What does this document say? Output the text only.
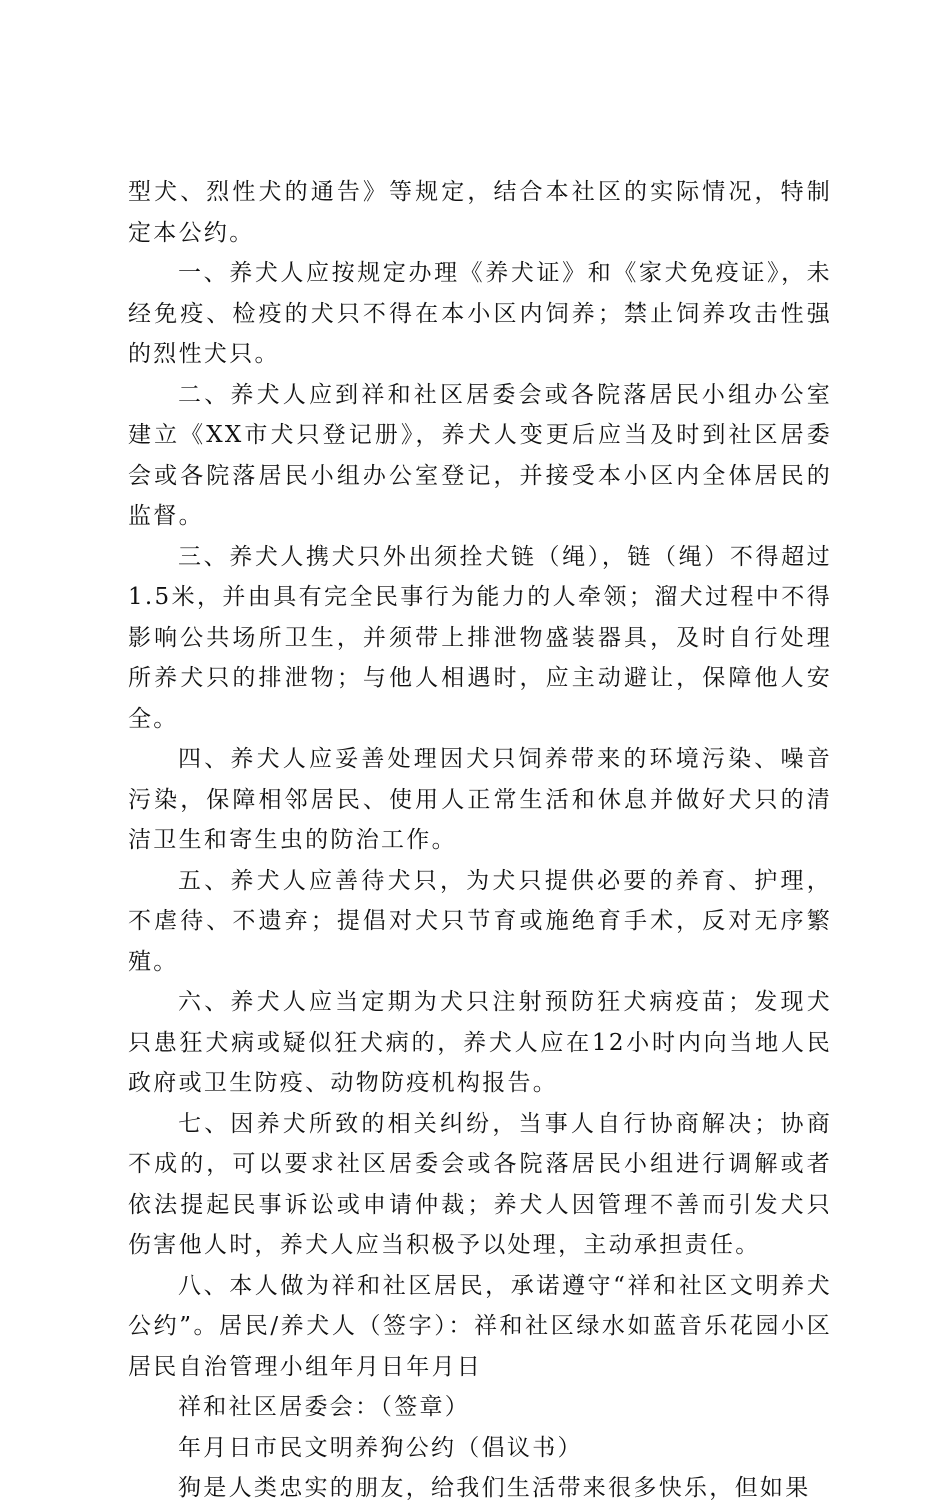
型犬、烈性犬的通告》等规定，结合本社区的实际情况，特制定本公约。

一、养犬人应按规定办理《养犬证》和《家犬免疫证》，未经免疫、检疫的犬只不得在本小区内饲养；禁止饲养攻击性强的烈性犬只。

二、养犬人应到祥和社区居委会或各院落居民小组办公室建立《XX市犬只登记册》，养犬人变更后应当及时到社区居委会或各院落居民小组办公室登记，并接受本小区内全体居民的监督。

三、养犬人携犬只外出须拴犬链（绳），链（绳）不得超过1.5米，并由具有完全民事行为能力的人牵领；溜犬过程中不得影响公共场所卫生，并须带上排泄物盛装器具，及时自行处理所养犬只的排泄物；与他人相遇时，应主动避让，保障他人安全。

四、养犬人应妥善处理因犬只饲养带来的环境污染、噪音污染，保障相邻居民、使用人正常生活和休息并做好犬只的清洁卫生和寄生虫的防治工作。

五、养犬人应善待犬只，为犬只提供必要的养育、护理，不虐待、不遗弃；提倡对犬只节育或施绝育手术，反对无序繁殖。

六、养犬人应当定期为犬只注射预防狂犬病疫苗；发现犬只患狂犬病或疑似狂犬病的，养犬人应在12小时内向当地人民政府或卫生防疫、动物防疫机构报告。

七、因养犬所致的相关纠纷，当事人自行协商解决；协商不成的，可以要求社区居委会或各院落居民小组进行调解或者依法提起民事诉讼或申请仲裁；养犬人因管理不善而引发犬只伤害他人时，养犬人应当积极予以处理，主动承担责任。

八、本人做为祥和社区居民，承诺遵守“祥和社区文明养犬公约”。居民/养犬人（签字）：祥和社区绿水如蓝音乐花园小区居民自治管理小组年月日年月日

祥和社区居委会：（签章）

年月日市民文明养狗公约（倡议书）

狗是人类忠实的朋友，给我们生活带来很多快乐，但如果
